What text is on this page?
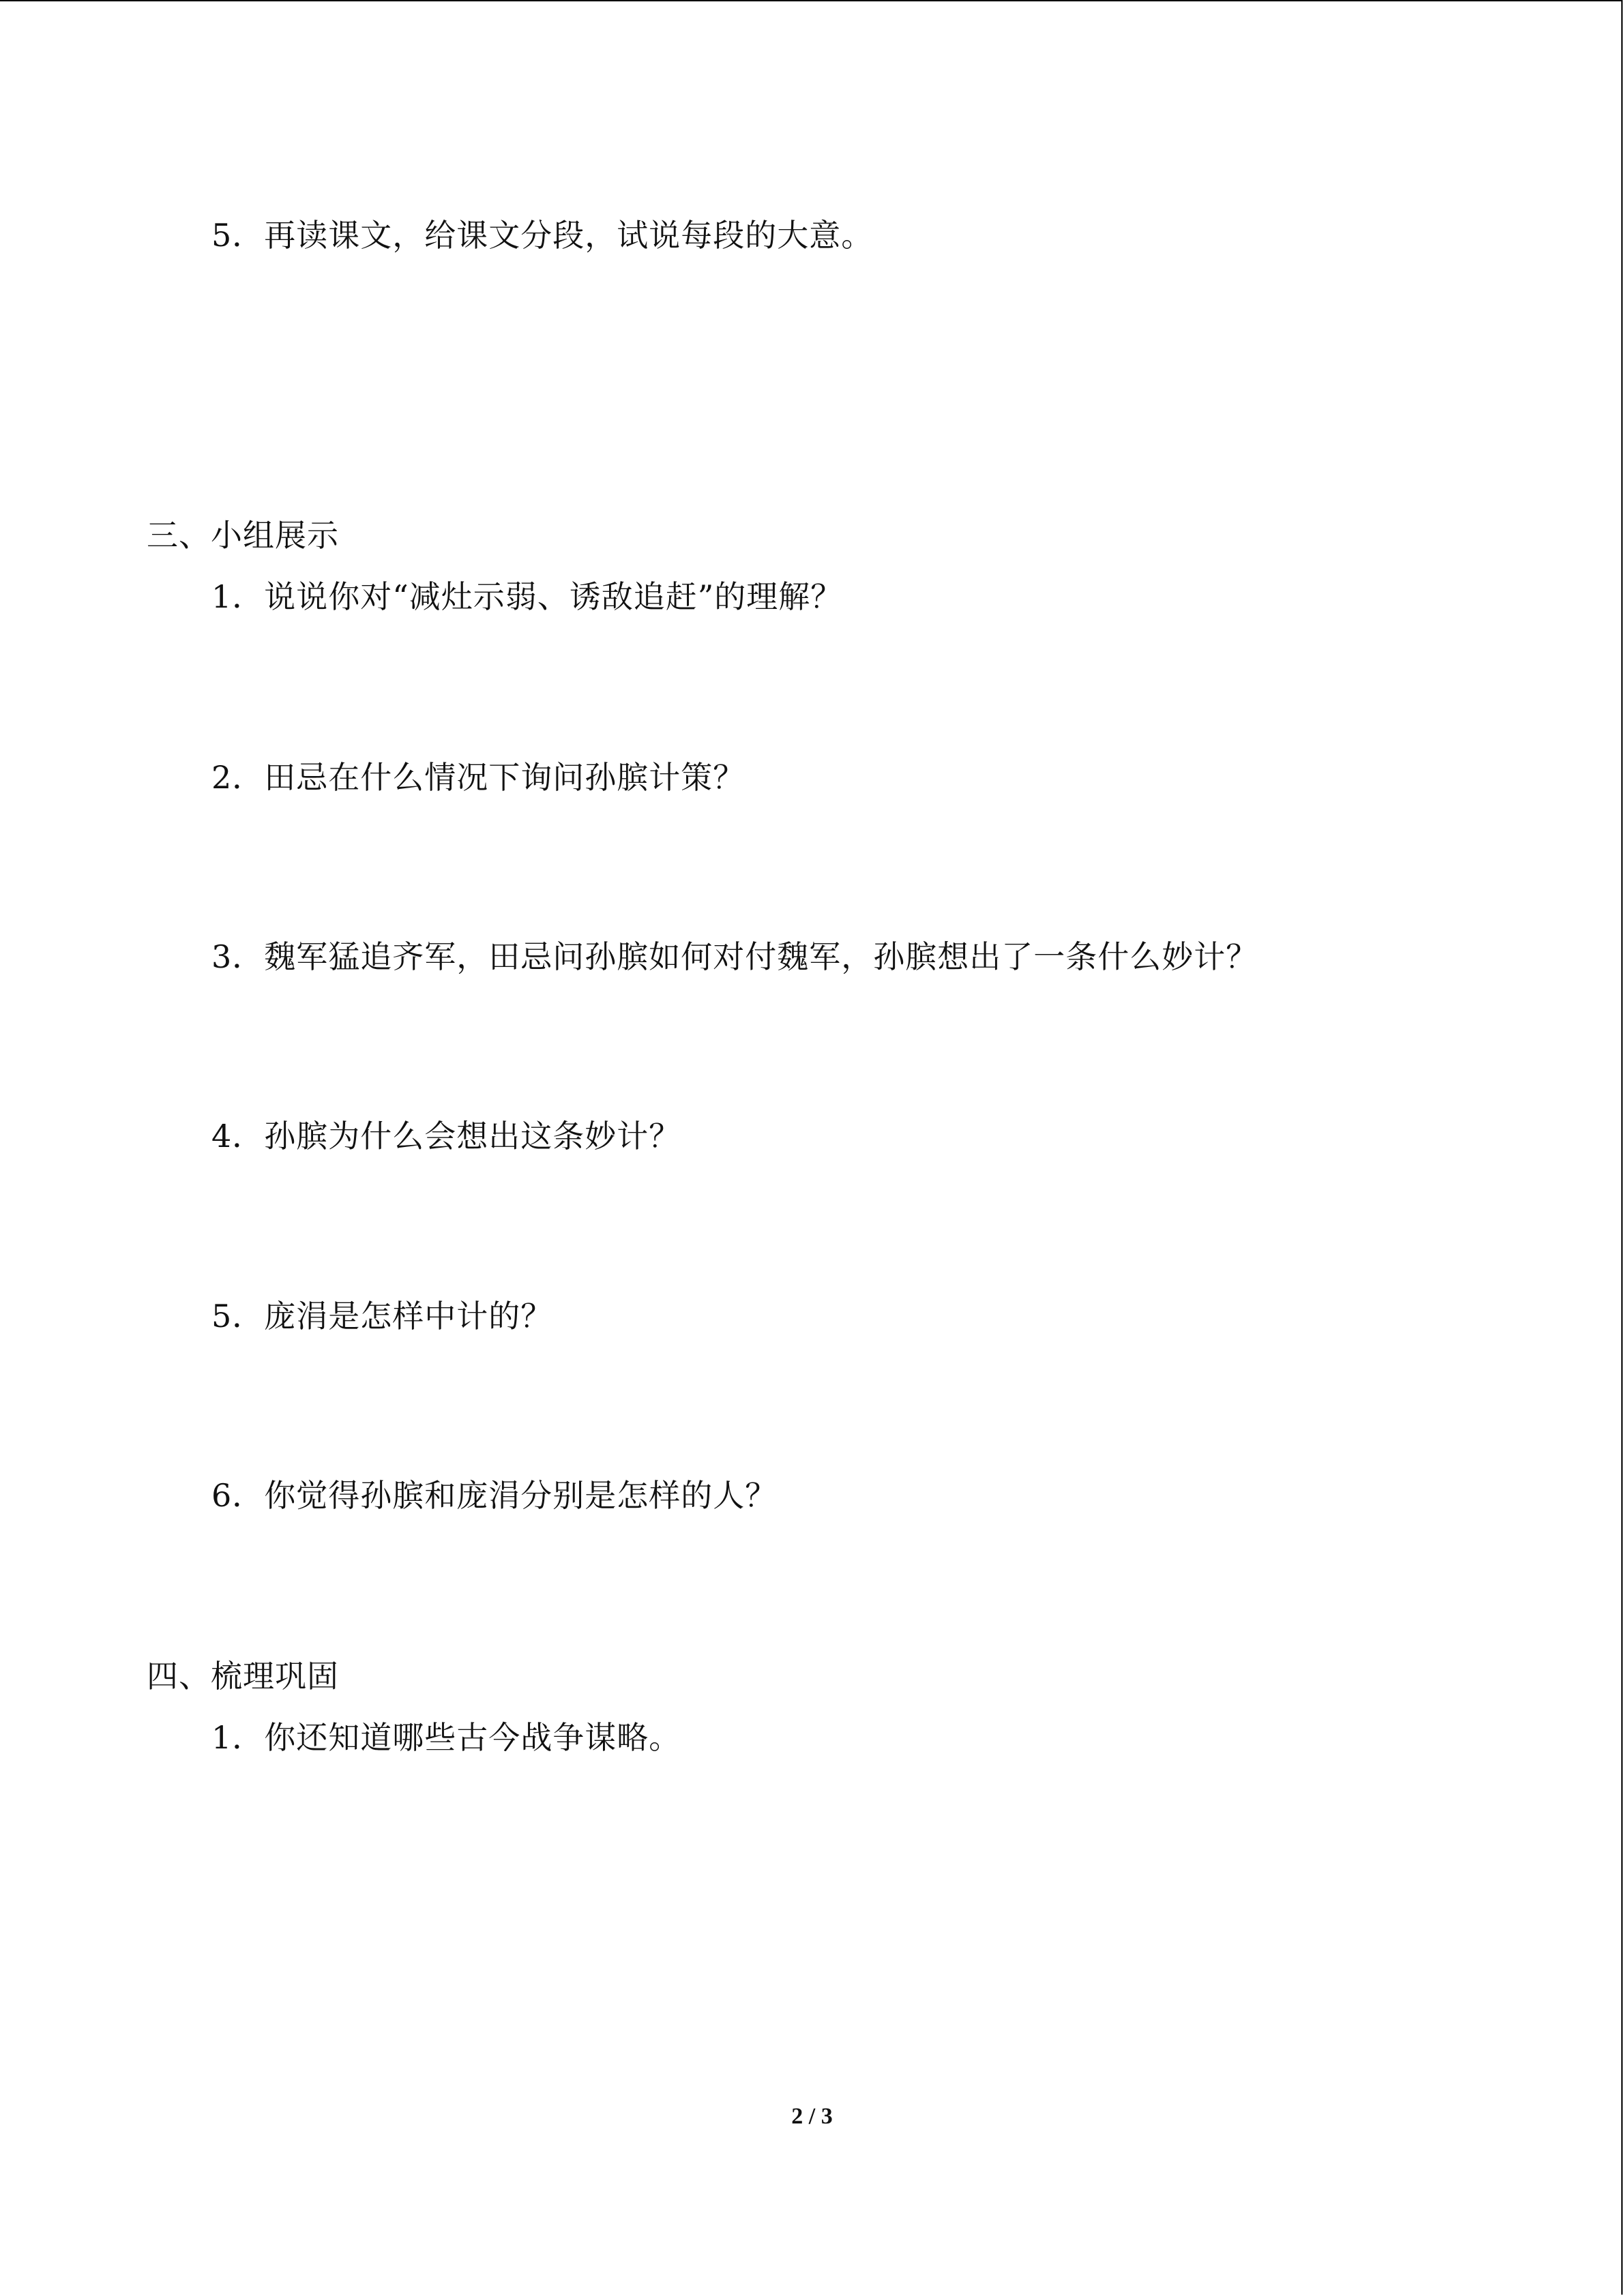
5．再读课文，给课文分段，试说每段的大意。
三、小组展示
1．说说你对“减灶示弱、诱敌追赶”的理解？
2．田忌在什么情况下询问孙膑计策？
3．魏军猛追齐军，田忌问孙膑如何对付魏军，孙膑想出了一条什么妙计？
4．孙膑为什么会想出这条妙计？
5．庞涓是怎样中计的？
6．你觉得孙膑和庞涓分别是怎样的人？
四、梳理巩固
1．你还知道哪些古今战争谋略。
2 / 3
